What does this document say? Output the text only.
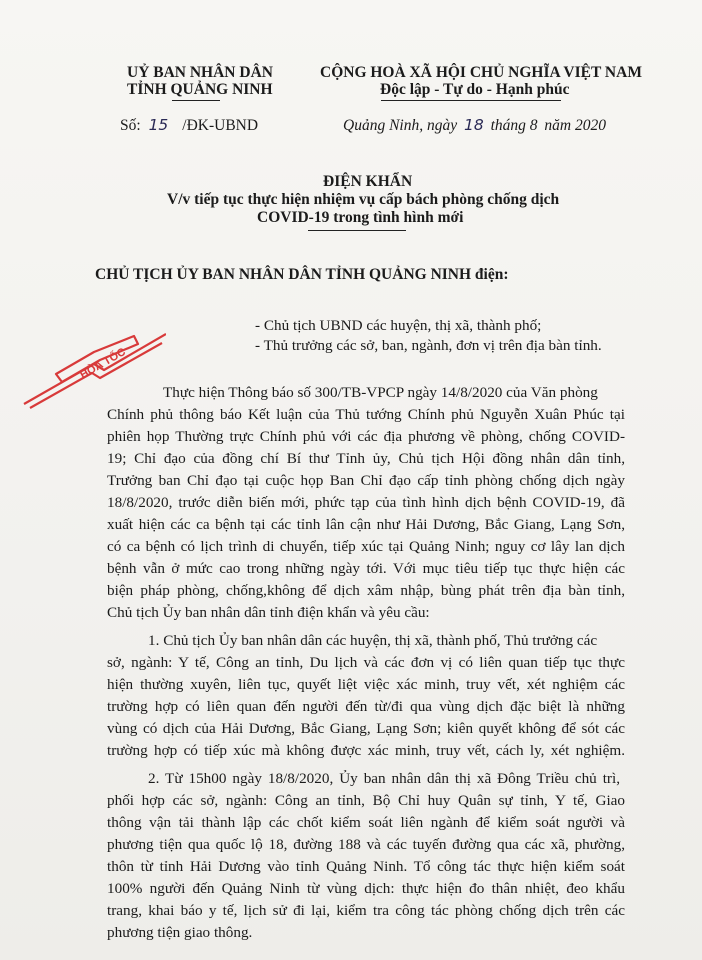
UỶ BAN NHÂN DÂN
TỈNH QUẢNG NINH
CỘNG HOÀ XÃ HỘI CHỦ NGHĨA VIỆT NAM
Độc lập - Tự do - Hạnh phúc
Số: 15 /ĐK-UBND	Quảng Ninh, ngày 18 tháng 8 năm 2020
ĐIỆN KHẨN
V/v tiếp tục thực hiện nhiệm vụ cấp bách phòng chống dịch
COVID-19 trong tình hình mới
CHỦ TỊCH ỦY BAN NHÂN DÂN TỈNH QUẢNG NINH điện:
- Chủ tịch UBND các huyện, thị xã, thành phố;
- Thủ trưởng các sở, ban, ngành, đơn vị trên địa bàn tỉnh.
HỎA TỐC
Thực hiện Thông báo số 300/TB-VPCP ngày 14/8/2020 của Văn phòng
Chính phủ thông báo Kết luận của Thủ tướng Chính phủ Nguyễn Xuân Phúc tại
phiên họp Thường trực Chính phủ với các địa phương về phòng, chống COVID-
19; Chỉ đạo của đồng chí Bí thư Tỉnh ủy, Chủ tịch Hội đồng nhân dân tỉnh,
Trưởng ban Chỉ đạo tại cuộc họp Ban Chỉ đạo cấp tỉnh phòng chống dịch ngày
18/8/2020, trước diễn biến mới, phức tạp của tình hình dịch bệnh COVID-19, đã
xuất hiện các ca bệnh tại các tỉnh lân cận như Hải Dương, Bắc Giang, Lạng Sơn,
có ca bệnh có lịch trình di chuyển, tiếp xúc tại Quảng Ninh; nguy cơ lây lan dịch
bệnh vẫn ở mức cao trong những ngày tới. Với mục tiêu tiếp tục thực hiện các
biện pháp phòng, chống,không để dịch xâm nhập, bùng phát trên địa bàn tỉnh,
Chủ tịch Ủy ban nhân dân tỉnh điện khẩn và yêu cầu:
1. Chủ tịch Ủy ban nhân dân các huyện, thị xã, thành phố, Thủ trưởng các
sở, ngành: Y tế, Công an tỉnh, Du lịch và các đơn vị có liên quan tiếp tục thực
hiện thường xuyên, liên tục, quyết liệt việc xác minh, truy vết, xét nghiệm các
trường hợp có liên quan đến người đến từ/đi qua vùng dịch đặc biệt là những
vùng có dịch của Hải Dương, Bắc Giang, Lạng Sơn; kiên quyết không để sót các
trường hợp có tiếp xúc mà không được xác minh, truy vết, cách ly, xét nghiệm.
2. Từ 15h00 ngày 18/8/2020, Ủy ban nhân dân thị xã Đông Triều chủ trì,
phối hợp các sở, ngành: Công an tỉnh, Bộ Chỉ huy Quân sự tỉnh, Y tế, Giao
thông vận tải thành lập các chốt kiểm soát liên ngành để kiểm soát người và
phương tiện qua quốc lộ 18, đường 188 và các tuyến đường qua các xã, phường,
thôn từ tỉnh Hải Dương vào tỉnh Quảng Ninh. Tổ công tác thực hiện kiểm soát
100% người đến Quảng Ninh từ vùng dịch: thực hiện đo thân nhiệt, đeo khẩu
trang, khai báo y tế, lịch sử đi lại, kiểm tra công tác phòng chống dịch trên các
phương tiện giao thông.
